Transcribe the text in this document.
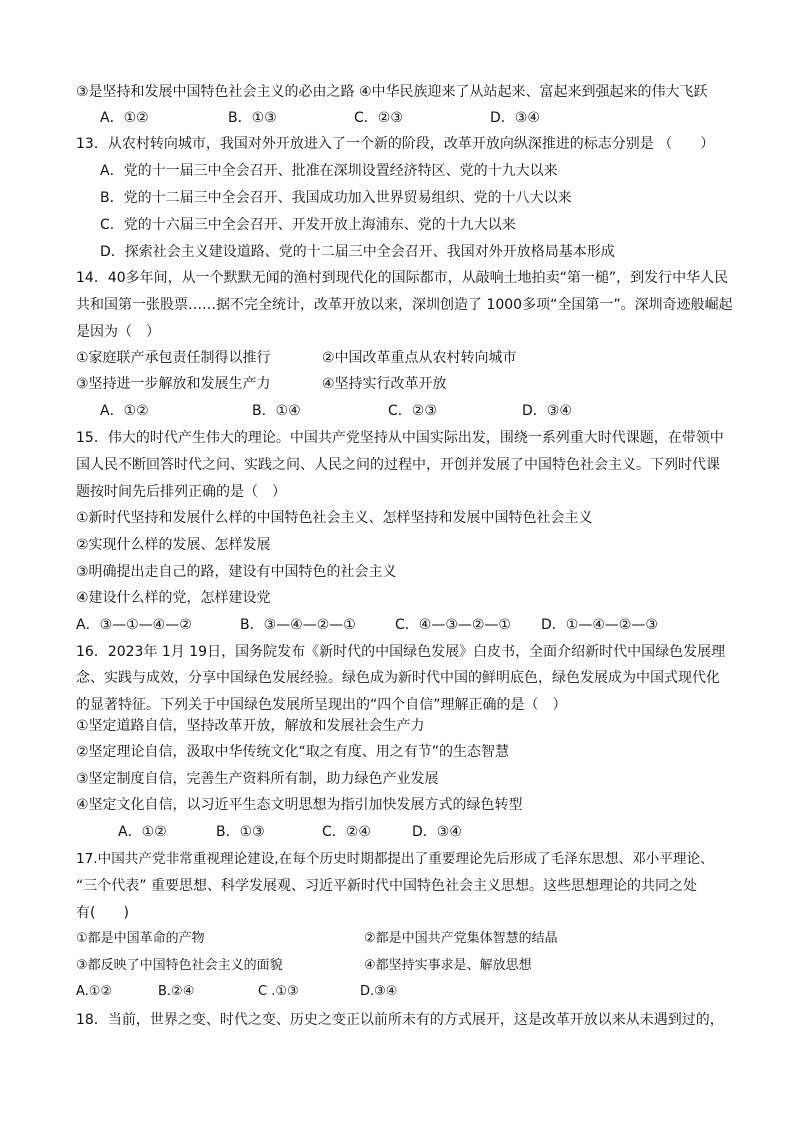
③是坚持和发展中国特色社会主义的必由之路 ④中华民族迎来了从站起来、富起来到强起来的伟大飞跃
A．①②	B．①③	C．②③	D．③④
13．从农村转向城市，我国对外开放进入了一个新的阶段，改革开放向纵深推进的标志分别是 （　　）
A．党的十一届三中全会召开、批准在深圳设置经济特区、党的十九大以来
B．党的十二届三中全会召开、我国成功加入世界贸易组织、党的十八大以来
C．党的十六届三中全会召开、开发开放上海浦东、党的十九大以来
D．探索社会主义建设道路、党的十二届三中全会召开、我国对外开放格局基本形成
14．40多年间，从一个默默无闻的渔村到现代化的国际都市，从敲响土地拍卖“第一槌”，到发行中华人民
共和国第一张股票……据不完全统计，改革开放以来，深圳创造了 1000多项“全国第一”。深圳奇迹般崛起
是因为（　）
①家庭联产承包责任制得以推行	②中国改革重点从农村转向城市
③坚持进一步解放和发展生产力	④坚持实行改革开放
A．①②	B．①④	C．②③	D．③④
15．伟大的时代产生伟大的理论。中国共产党坚持从中国实际出发，围绕一系列重大时代课题，在带领中
国人民不断回答时代之问、实践之问、人民之问的过程中，开创并发展了中国特色社会主义。下列时代课
题按时间先后排列正确的是（　）
①新时代坚持和发展什么样的中国特色社会主义、怎样坚持和发展中国特色社会主义
②实现什么样的发展、怎样发展
③明确提出走自己的路，建设有中国特色的社会主义
④建设什么样的党，怎样建设党
A．③—①—④—②	B．③—④—②—①	C．④—③—②—① D．①—④—②—③
16．2023年 1月 19日，国务院发布《新时代的中国绿色发展》白皮书，全面介绍新时代中国绿色发展理
念、实践与成效，分享中国绿色发展经验。绿色成为新时代中国的鲜明底色，绿色发展成为中国式现代化
的显著特征。下列关于中国绿色发展所呈现出的“四个自信”理解正确的是（　）
①坚定道路自信，坚持改革开放，解放和发展社会生产力
②坚定理论自信，汲取中华传统文化“取之有度、用之有节”的生态智慧
③坚定制度自信，完善生产资料所有制，助力绿色产业发展
④坚定文化自信，以习近平生态文明思想为指引加快发展方式的绿色转型
A．①②	B．①③	C．②④	D．③④
17.中国共产党非常重视理论建设,在每个历史时期都提出了重要理论先后形成了毛泽东思想、邓小平理论、
“三个代表” 重要思想、科学发展观、习近平新时代中国特色社会主义思想。这些思想理论的共同之处
有(　　)
①都是中国革命的产物	②都是中国共产党集体智慧的结晶
③都反映了中国特色社会主义的面貌	④都坚持实事求是、解放思想
A.①②	B.②④	C .①③	D.③④
18．当前，世界之变、时代之变、历史之变正以前所未有的方式展开，这是改革开放以来从未遇到过的，
